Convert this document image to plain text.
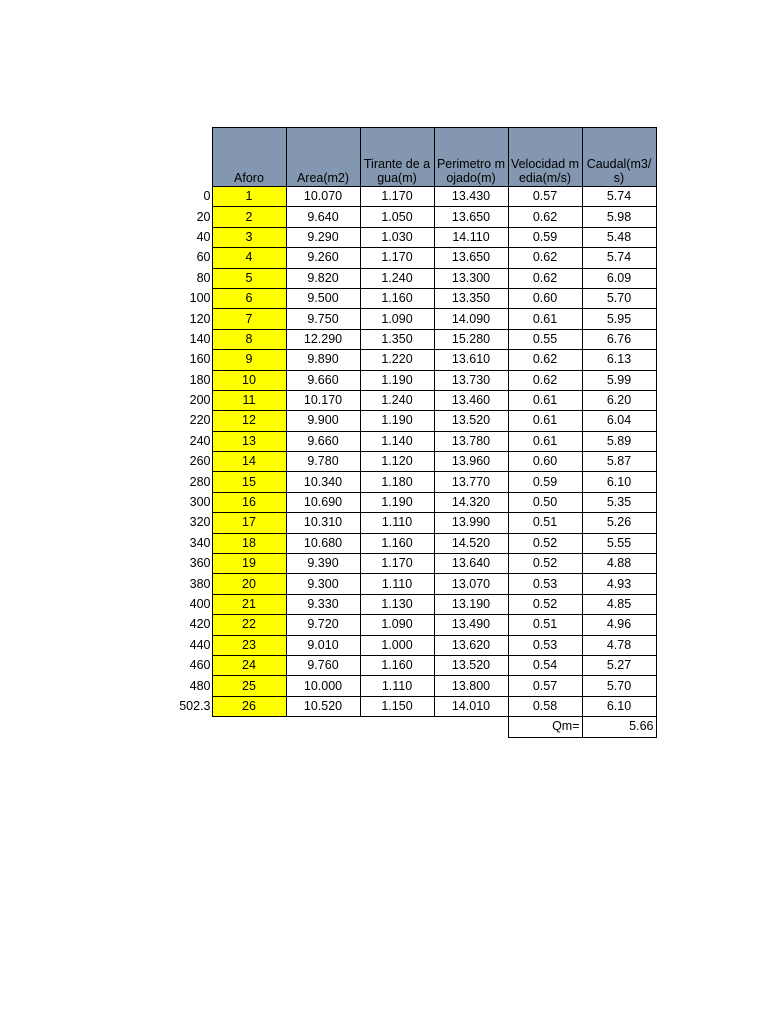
	Aforo	Area(m2)	Tirante de agua(m)	Perimetro mojado(m)	Velocidad media(m/s)	Caudal(m3/s)

0	1	10.070	1.170	13.430	0.57	5.74
20	2	9.640	1.050	13.650	0.62	5.98
40	3	9.290	1.030	14.110	0.59	5.48
60	4	9.260	1.170	13.650	0.62	5.74
80	5	9.820	1.240	13.300	0.62	6.09
100	6	9.500	1.160	13.350	0.60	5.70
120	7	9.750	1.090	14.090	0.61	5.95
140	8	12.290	1.350	15.280	0.55	6.76
160	9	9.890	1.220	13.610	0.62	6.13
180	10	9.660	1.190	13.730	0.62	5.99
200	11	10.170	1.240	13.460	0.61	6.20
220	12	9.900	1.190	13.520	0.61	6.04
240	13	9.660	1.140	13.780	0.61	5.89
260	14	9.780	1.120	13.960	0.60	5.87
280	15	10.340	1.180	13.770	0.59	6.10
300	16	10.690	1.190	14.320	0.50	5.35
320	17	10.310	1.110	13.990	0.51	5.26
340	18	10.680	1.160	14.520	0.52	5.55
360	19	9.390	1.170	13.640	0.52	4.88
380	20	9.300	1.110	13.070	0.53	4.93
400	21	9.330	1.130	13.190	0.52	4.85
420	22	9.720	1.090	13.490	0.51	4.96
440	23	9.010	1.000	13.620	0.53	4.78
460	24	9.760	1.160	13.520	0.54	5.27
480	25	10.000	1.110	13.800	0.57	5.70
502.3	26	10.520	1.150	14.010	0.58	6.10
					Qm=	5.66
